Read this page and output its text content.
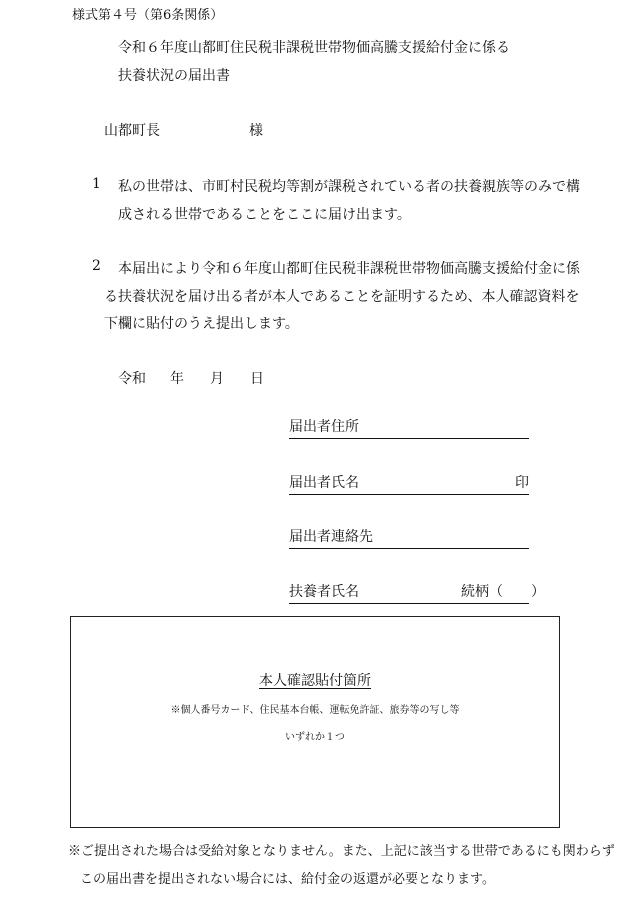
様式第４号（第6条関係）
令和６年度山都町住民税非課税世帯物価高騰支援給付金に係る
扶養状況の届出書
山都町長	様
1 私の世帯は、市町村民税均等割が課税されている者の扶養親族等のみで構
成される世帯であることをここに届け出ます。
2 本届出により令和６年度山都町住民税非課税世帯物価高騰支援給付金に係
る扶養状況を届け出る者が本人であることを証明するため、本人確認資料を
下欄に貼付のうえ提出します。
令和 年 月 日
届出者住所
届出者氏名	印
届出者連絡先
扶養者氏名	続柄（　　）
本人確認貼付箇所
※個人番号カード、住民基本台帳、運転免許証、旅券等の写し等
いずれか１つ
※ご提出された場合は受給対象となりません。また、上記に該当する世帯であるにも関わらず
この届出書を提出されない場合には、給付金の返還が必要となります。
